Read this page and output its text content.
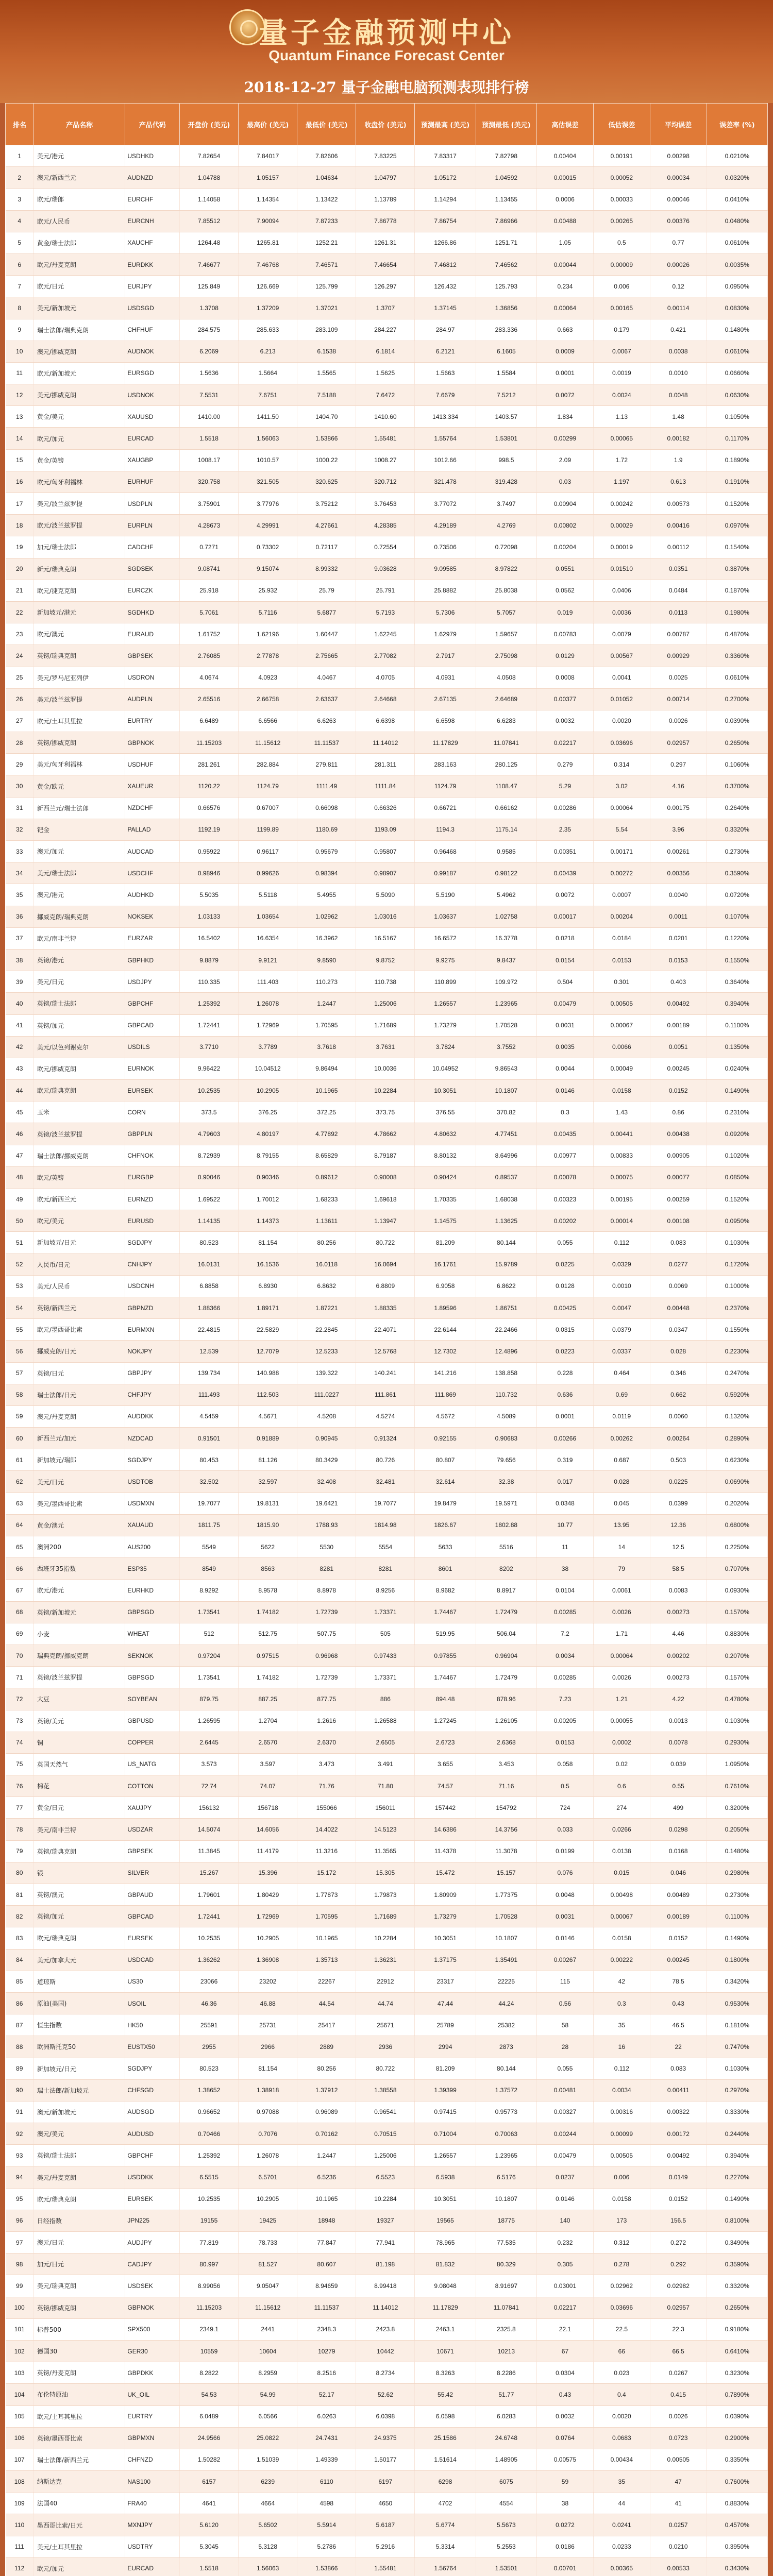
量子金融预测中心
Quantum Finance Forecast Center
2018-12-27 量子金融电脑预测表现排行榜
排名	产品名称	产品代码	开盘价 (美元)	最高价 (美元)	最低价 (美元)	收盘价 (美元)	预测最高 (美元)	预测最低 (美元)	高估误差	低估误差	平均误差	误差率 (%)
1	美元/港元	USDHKD	7.82654	7.84017	7.82606	7.83225	7.83317	7.82798	0.00404	0.00191	0.00298	0.0210%
2	澳元/新西兰元	AUDNZD	1.04788	1.05157	1.04634	1.04797	1.05172	1.04592	0.00015	0.00052	0.00034	0.0320%
3	欧元/瑞郎	EURCHF	1.14058	1.14354	1.13422	1.13789	1.14294	1.13455	0.0006	0.00033	0.00046	0.0410%
4	欧元/人民币	EURCNH	7.85512	7.90094	7.87233	7.86778	7.86754	7.86966	0.00488	0.00265	0.00376	0.0480%
5	黄金/瑞士法郎	XAUCHF	1264.48	1265.81	1252.21	1261.31	1266.86	1251.71	1.05	0.5	0.77	0.0610%
6	欧元/丹麦克朗	EURDKK	7.46677	7.46768	7.46571	7.46654	7.46812	7.46562	0.00044	0.00009	0.00026	0.0035%
7	欧元/日元	EURJPY	125.849	126.669	125.799	126.297	126.432	125.793	0.234	0.006	0.12	0.0950%
8	美元/新加坡元	USDSGD	1.3708	1.37209	1.37021	1.3707	1.37145	1.36856	0.00064	0.00165	0.00114	0.0830%
9	瑞士法郎/瑞典克朗	CHFHUF	284.575	285.633	283.109	284.227	284.97	283.336	0.663	0.179	0.421	0.1480%
10	澳元/挪威克朗	AUDNOK	6.2069	6.213	6.1538	6.1814	6.2121	6.1605	0.0009	0.0067	0.0038	0.0610%
11	欧元/新加坡元	EURSGD	1.5636	1.5664	1.5565	1.5625	1.5663	1.5584	0.0001	0.0019	0.0010	0.0660%
12	美元/挪威克朗	USDNOK	7.5531	7.6751	7.5188	7.6472	7.6679	7.5212	0.0072	0.0024	0.0048	0.0630%
13	黄金/美元	XAUUSD	1410.00	1411.50	1404.70	1410.60	1413.334	1403.57	1.834	1.13	1.48	0.1050%
14	欧元/加元	EURCAD	1.5518	1.56063	1.53866	1.55481	1.55764	1.53801	0.00299	0.00065	0.00182	0.1170%
15	黄金/英镑	XAUGBP	1008.17	1010.57	1000.22	1008.27	1012.66	998.5	2.09	1.72	1.9	0.1890%
16	欧元/匈牙利福林	EURHUF	320.758	321.505	320.625	320.712	321.478	319.428	0.03	1.197	0.613	0.1910%
17	美元/波兰兹罗提	USDPLN	3.75901	3.77976	3.75212	3.76453	3.77072	3.7497	0.00904	0.00242	0.00573	0.1520%
18	欧元/波兰兹罗提	EURPLN	4.28673	4.29991	4.27661	4.28385	4.29189	4.2769	0.00802	0.00029	0.00416	0.0970%
19	加元/瑞士法郎	CADCHF	0.7271	0.73302	0.72117	0.72554	0.73506	0.72098	0.00204	0.00019	0.00112	0.1540%
20	新元/瑞典克朗	SGDSEK	9.08741	9.15074	8.99332	9.03628	9.09585	8.97822	0.0551	0.01510	0.0351	0.3870%
21	欧元/捷克克朗	EURCZK	25.918	25.932	25.79	25.791	25.8882	25.8038	0.0562	0.0406	0.0484	0.1870%
22	新加坡元/港元	SGDHKD	5.7061	5.7116	5.6877	5.7193	5.7306	5.7057	0.019	0.0036	0.0113	0.1980%
23	欧元/澳元	EURAUD	1.61752	1.62196	1.60447	1.62245	1.62979	1.59657	0.00783	0.0079	0.00787	0.4870%
24	英镑/瑞典克朗	GBPSEK	2.76085	2.77878	2.75665	2.77082	2.7917	2.75098	0.0129	0.00567	0.00929	0.3360%
25	美元/罗马尼亚列伊	USDRON	4.0674	4.0923	4.0467	4.0705	4.0931	4.0508	0.0008	0.0041	0.0025	0.0610%
26	美元/波兰兹罗提	AUDPLN	2.65516	2.66758	2.63637	2.64668	2.67135	2.64689	0.00377	0.01052	0.00714	0.2700%
27	欧元/土耳其里拉	EURTRY	6.6489	6.6566	6.6263	6.6398	6.6598	6.6283	0.0032	0.0020	0.0026	0.0390%
28	英镑/挪威克朗	GBPNOK	11.15203	11.15612	11.11537	11.14012	11.17829	11.07841	0.02217	0.03696	0.02957	0.2650%
29	美元/匈牙利福林	USDHUF	281.261	282.884	279.811	281.311	283.163	280.125	0.279	0.314	0.297	0.1060%
30	黄金/欧元	XAUEUR	1120.22	1124.79	1111.49	1111.84	1124.79	1108.47	5.29	3.02	4.16	0.3700%
31	新西兰元/瑞士法郎	NZDCHF	0.66576	0.67007	0.66098	0.66326	0.66721	0.66162	0.00286	0.00064	0.00175	0.2640%
32	钯金	PALLAD	1192.19	1199.89	1180.69	1193.09	1194.3	1175.14	2.35	5.54	3.96	0.3320%
33	澳元/加元	AUDCAD	0.95922	0.96117	0.95679	0.95807	0.96468	0.9585	0.00351	0.00171	0.00261	0.2730%
34	美元/瑞士法郎	USDCHF	0.98946	0.99626	0.98394	0.98907	0.99187	0.98122	0.00439	0.00272	0.00356	0.3590%
35	澳元/港元	AUDHKD	5.5035	5.5118	5.4955	5.5090	5.5190	5.4962	0.0072	0.0007	0.0040	0.0720%
36	挪威克朗/瑞典克朗	NOKSEK	1.03133	1.03654	1.02962	1.03016	1.03637	1.02758	0.00017	0.00204	0.0011	0.1070%
37	欧元/南非兰特	EURZAR	16.5402	16.6354	16.3962	16.5167	16.6572	16.3778	0.0218	0.0184	0.0201	0.1220%
38	英镑/港元	GBPHKD	9.8879	9.9121	9.8590	9.8752	9.9275	9.8437	0.0154	0.0153	0.0153	0.1550%
39	美元/日元	USDJPY	110.335	111.403	110.273	110.738	110.899	109.972	0.504	0.301	0.403	0.3640%
40	英镑/瑞士法郎	GBPCHF	1.25392	1.26078	1.2447	1.25006	1.26557	1.23965	0.00479	0.00505	0.00492	0.3940%
41	英镑/加元	GBPCAD	1.72441	1.72969	1.70595	1.71689	1.73279	1.70528	0.0031	0.00067	0.00189	0.1100%
42	美元/以色列谢克尔	USDILS	3.7710	3.7789	3.7618	3.7631	3.7824	3.7552	0.0035	0.0066	0.0051	0.1350%
43	欧元/挪威克朗	EURNOK	9.96422	10.04512	9.86494	10.0036	10.04952	9.86543	0.0044	0.00049	0.00245	0.0240%
44	欧元/瑞典克朗	EURSEK	10.2535	10.2905	10.1965	10.2284	10.3051	10.1807	0.0146	0.0158	0.0152	0.1490%
45	玉米	CORN	373.5	376.25	372.25	373.75	376.55	370.82	0.3	1.43	0.86	0.2310%
46	英镑/波兰兹罗提	GBPPLN	4.79603	4.80197	4.77892	4.78662	4.80632	4.77451	0.00435	0.00441	0.00438	0.0920%
47	瑞士法郎/挪威克朗	CHFNOK	8.72939	8.79155	8.65829	8.79187	8.80132	8.64996	0.00977	0.00833	0.00905	0.1020%
48	欧元/英镑	EURGBP	0.90046	0.90346	0.89612	0.90008	0.90424	0.89537	0.00078	0.00075	0.00077	0.0850%
49	欧元/新西兰元	EURNZD	1.69522	1.70012	1.68233	1.69618	1.70335	1.68038	0.00323	0.00195	0.00259	0.1520%
50	欧元/美元	EURUSD	1.14135	1.14373	1.13611	1.13947	1.14575	1.13625	0.00202	0.00014	0.00108	0.0950%
51	新加坡元/日元	SGDJPY	80.523	81.154	80.256	80.722	81.209	80.144	0.055	0.112	0.083	0.1030%
52	人民币/日元	CNHJPY	16.0131	16.1536	16.0118	16.0694	16.1761	15.9789	0.0225	0.0329	0.0277	0.1720%
53	美元/人民币	USDCNH	6.8858	6.8930	6.8632	6.8809	6.9058	6.8622	0.0128	0.0010	0.0069	0.1000%
54	英镑/新西兰元	GBPNZD	1.88366	1.89171	1.87221	1.88335	1.89596	1.86751	0.00425	0.0047	0.00448	0.2370%
55	欧元/墨西哥比索	EURMXN	22.4815	22.5829	22.2845	22.4071	22.6144	22.2466	0.0315	0.0379	0.0347	0.1550%
56	挪威克朗/日元	NOKJPY	12.539	12.7079	12.5233	12.5768	12.7302	12.4896	0.0223	0.0337	0.028	0.2230%
57	英镑/日元	GBPJPY	139.734	140.988	139.322	140.241	141.216	138.858	0.228	0.464	0.346	0.2470%
58	瑞士法郎/日元	CHFJPY	111.493	112.503	111.0227	111.861	111.869	110.732	0.636	0.69	0.662	0.5920%
59	澳元/丹麦克朗	AUDDKK	4.5459	4.5671	4.5208	4.5274	4.5672	4.5089	0.0001	0.0119	0.0060	0.1320%
60	新西兰元/加元	NZDCAD	0.91501	0.91889	0.90945	0.91324	0.92155	0.90683	0.00266	0.00262	0.00264	0.2890%
61	新加坡元/瑞郎	SGDJPY	80.453	81.126	80.3429	80.726	80.807	79.656	0.319	0.687	0.503	0.6230%
62	美元/日元	USDTOB	32.502	32.597	32.408	32.481	32.614	32.38	0.017	0.028	0.0225	0.0690%
63	美元/墨西哥比索	USDMXN	19.7077	19.8131	19.6421	19.7077	19.8479	19.5971	0.0348	0.045	0.0399	0.2020%
64	黄金/澳元	XAUAUD	1811.75	1815.90	1788.93	1814.98	1826.67	1802.88	10.77	13.95	12.36	0.6800%
65	澳洲200	AUS200	5549	5622	5530	5554	5633	5516	11	14	12.5	0.2250%
66	西班牙35指数	ESP35	8549	8563	8281	8281	8601	8202	38	79	58.5	0.7070%
67	欧元/港元	EURHKD	8.9292	8.9578	8.8978	8.9256	8.9682	8.8917	0.0104	0.0061	0.0083	0.0930%
68	英镑/新加坡元	GBPSGD	1.73541	1.74182	1.72739	1.73371	1.74467	1.72479	0.00285	0.0026	0.00273	0.1570%
69	小麦	WHEAT	512	512.75	507.75	505	519.95	506.04	7.2	1.71	4.46	0.8830%
70	瑞典克朗/挪威克朗	SEKNOK	0.97204	0.97515	0.96968	0.97433	0.97855	0.96904	0.0034	0.00064	0.00202	0.2070%
71	英镑/波兰兹罗提	GBPSGD	1.73541	1.74182	1.72739	1.73371	1.74467	1.72479	0.00285	0.0026	0.00273	0.1570%
72	大豆	SOYBEAN	879.75	887.25	877.75	886	894.48	878.96	7.23	1.21	4.22	0.4780%
73	英镑/美元	GBPUSD	1.26595	1.2704	1.2616	1.26588	1.27245	1.26105	0.00205	0.00055	0.0013	0.1030%
74	铜	COPPER	2.6445	2.6570	2.6370	2.6505	2.6723	2.6368	0.0153	0.0002	0.0078	0.2930%
75	英国天然气	US_NATG	3.573	3.597	3.473	3.491	3.655	3.453	0.058	0.02	0.039	1.0950%
76	棉花	COTTON	72.74	74.07	71.76	71.80	74.57	71.16	0.5	0.6	0.55	0.7610%
77	黄金/日元	XAUJPY	156132	156718	155066	156011	157442	154792	724	274	499	0.3200%
78	美元/南非兰特	USDZAR	14.5074	14.6056	14.4022	14.5123	14.6386	14.3756	0.033	0.0266	0.0298	0.2050%
79	英镑/瑞典克朗	GBPSEK	11.3845	11.4179	11.3216	11.3565	11.4378	11.3078	0.0199	0.0138	0.0168	0.1480%
80	银	SILVER	15.267	15.396	15.172	15.305	15.472	15.157	0.076	0.015	0.046	0.2980%
81	英镑/澳元	GBPAUD	1.79601	1.80429	1.77873	1.79873	1.80909	1.77375	0.0048	0.00498	0.00489	0.2730%
82	英镑/加元	GBPCAD	1.72441	1.72969	1.70595	1.71689	1.73279	1.70528	0.0031	0.00067	0.00189	0.1100%
83	欧元/瑞典克朗	EURSEK	10.2535	10.2905	10.1965	10.2284	10.3051	10.1807	0.0146	0.0158	0.0152	0.1490%
84	美元/加拿大元	USDCAD	1.36262	1.36908	1.35713	1.36231	1.37175	1.35491	0.00267	0.00222	0.00245	0.1800%
85	道琼斯	US30	23066	23202	22267	22912	23317	22225	115	42	78.5	0.3420%
86	原油(美国)	USOIL	46.36	46.88	44.54	44.74	47.44	44.24	0.56	0.3	0.43	0.9530%
87	恒生指数	HK50	25591	25731	25417	25671	25789	25382	58	35	46.5	0.1810%
88	欧洲斯托克50	EUSTX50	2955	2966	2889	2936	2994	2873	28	16	22	0.7470%
89	新加坡元/日元	SGDJPY	80.523	81.154	80.256	80.722	81.209	80.144	0.055	0.112	0.083	0.1030%
90	瑞士法郎/新加坡元	CHFSGD	1.38652	1.38918	1.37912	1.38558	1.39399	1.37572	0.00481	0.0034	0.00411	0.2970%
91	澳元/新加坡元	AUDSGD	0.96652	0.97088	0.96089	0.96541	0.97415	0.95773	0.00327	0.00316	0.00322	0.3330%
92	澳元/美元	AUDUSD	0.70466	0.7076	0.70162	0.70515	0.71004	0.70063	0.00244	0.00099	0.00172	0.2440%
93	英镑/瑞士法郎	GBPCHF	1.25392	1.26078	1.2447	1.25006	1.26557	1.23965	0.00479	0.00505	0.00492	0.3940%
94	美元/丹麦克朗	USDDKK	6.5515	6.5701	6.5236	6.5523	6.5938	6.5176	0.0237	0.006	0.0149	0.2270%
95	欧元/瑞典克朗	EURSEK	10.2535	10.2905	10.1965	10.2284	10.3051	10.1807	0.0146	0.0158	0.0152	0.1490%
96	日经指数	JPN225	19155	19425	18948	19327	19565	18775	140	173	156.5	0.8100%
97	澳元/日元	AUDJPY	77.819	78.733	77.847	77.941	78.965	77.535	0.232	0.312	0.272	0.3490%
98	加元/日元	CADJPY	80.997	81.527	80.607	81.198	81.832	80.329	0.305	0.278	0.292	0.3590%
99	美元/瑞典克朗	USDSEK	8.99056	9.05047	8.94659	8.99418	9.08048	8.91697	0.03001	0.02962	0.02982	0.3320%
100	英镑/挪威克朗	GBPNOK	11.15203	11.15612	11.11537	11.14012	11.17829	11.07841	0.02217	0.03696	0.02957	0.2650%
101	标普500	SPX500	2349.1	2441	2348.3	2423.8	2463.1	2325.8	22.1	22.5	22.3	0.9180%
102	德国30	GER30	10559	10604	10279	10442	10671	10213	67	66	66.5	0.6410%
103	英镑/丹麦克朗	GBPDKK	8.2822	8.2959	8.2516	8.2734	8.3263	8.2286	0.0304	0.023	0.0267	0.3230%
104	布伦特原油	UK_OIL	54.53	54.99	52.17	52.62	55.42	51.77	0.43	0.4	0.415	0.7890%
105	欧元/土耳其里拉	EURTRY	6.0489	6.0566	6.0263	6.0398	6.0598	6.0283	0.0032	0.0020	0.0026	0.0390%
106	英镑/墨西哥比索	GBPMXN	24.9566	25.0822	24.7431	24.9375	25.1586	24.6748	0.0764	0.0683	0.0723	0.2900%
107	瑞士法郎/新西兰元	CHFNZD	1.50282	1.51039	1.49339	1.50177	1.51614	1.48905	0.00575	0.00434	0.00505	0.3350%
108	纳斯达克	NAS100	6157	6239	6110	6197	6298	6075	59	35	47	0.7600%
109	法国40	FRA40	4641	4664	4598	4650	4702	4554	38	44	41	0.8830%
110	墨西哥比索/日元	MXNJPY	5.6120	5.6502	5.5914	5.6187	5.6774	5.5673	0.0272	0.0241	0.0257	0.4570%
111	美元/土耳其里拉	USDTRY	5.3045	5.3128	5.2786	5.2916	5.3314	5.2553	0.0186	0.0233	0.0210	0.3950%
112	欧元/加元	EURCAD	1.5518	1.56063	1.53866	1.55481	1.56764	1.53501	0.00701	0.00365	0.00533	0.3430%
